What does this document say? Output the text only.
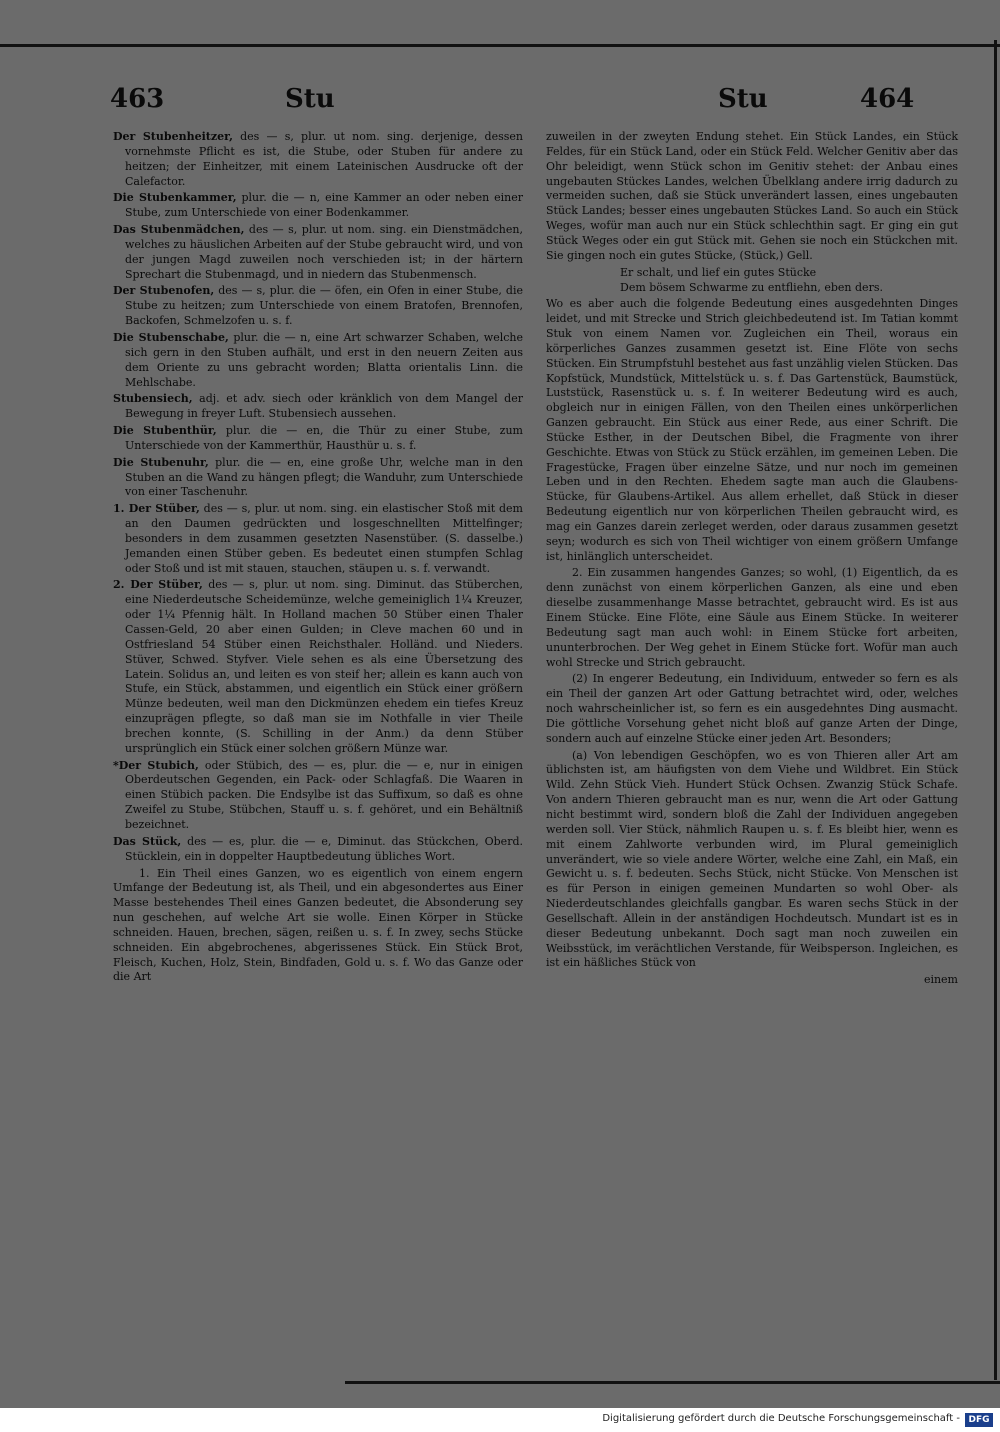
463	Stu	Stu	464

Der Stubenheitzer, des — s, plur. ut nom. sing. derjenige, dessen vornehmste Pflicht es ist, die Stube, oder Stuben für andere zu heitzen; der Einheitzer, mit einem Lateinischen Ausdrucke oft der Calefactor.

Die Stubenkammer, plur. die — n, eine Kammer an oder neben einer Stube, zum Unterschiede von einer Bodenkammer.

Das Stubenmädchen, des — s, plur. ut nom. sing. ein Dienstmädchen, welches zu häuslichen Arbeiten auf der Stube gebraucht wird, und von der jungen Magd zuweilen noch verschieden ist; in der härtern Sprechart die Stubenmagd, und in niedern das Stubenmensch.

Der Stubenofen, des — s, plur. die — öfen, ein Ofen in einer Stube, die Stube zu heitzen; zum Unterschiede von einem Bratofen, Brennofen, Backofen, Schmelzofen u. s. f.

Die Stubenschabe, plur. die — n, eine Art schwarzer Schaben, welche sich gern in den Stuben aufhält, und erst in den neuern Zeiten aus dem Oriente zu uns gebracht worden; Blatta orientalis Linn. die Mehlschabe.

Stubensiech, adj. et adv. siech oder kränklich von dem Mangel der Bewegung in freyer Luft. Stubensiech aussehen.

Die Stubenthür, plur. die — en, die Thür zu einer Stube, zum Unterschiede von der Kammerthür, Hausthür u. s. f.

Die Stubenuhr, plur. die — en, eine große Uhr, welche man in den Stuben an die Wand zu hängen pflegt; die Wanduhr, zum Unterschiede von einer Taschenuhr.

1. Der Stüber, des — s, plur. ut nom. sing. ein elastischer Stoß mit dem an den Daumen gedrückten und losgeschnellten Mittelfinger; besonders in dem zusammen gesetzten Nasenstüber. (S. dasselbe.) Jemanden einen Stüber geben. Es bedeutet einen stumpfen Schlag oder Stoß und ist mit stauen, stauchen, stäupen u. s. f. verwandt.

2. Der Stüber, des — s, plur. ut nom. sing. Diminut. das Stüberchen, eine Niederdeutsche Scheidemünze, welche gemeiniglich 1¼ Kreuzer, oder 1¼ Pfennig hält. In Holland machen 50 Stüber einen Thaler Cassen-Geld, 20 aber einen Gulden; in Cleve machen 60 und in Ostfriesland 54 Stüber einen Reichsthaler. Holländ. und Nieders. Stüver, Schwed. Styfver. Viele sehen es als eine Übersetzung des Latein. Solidus an, und leiten es von steif her; allein es kann auch von Stufe, ein Stück, abstammen, und eigentlich ein Stück einer größern Münze bedeuten, weil man den Dickmünzen ehedem ein tiefes Kreuz einzuprägen pflegte, so daß man sie im Nothfalle in vier Theile brechen konnte, (S. Schilling in der Anm.) da denn Stüber ursprünglich ein Stück einer solchen größern Münze war.

*Der Stubich, oder Stübich, des — es, plur. die — e, nur in einigen Oberdeutschen Gegenden, ein Pack- oder Schlagfaß. Die Waaren in einen Stübich packen. Die Endsylbe ist das Suffixum, so daß es ohne Zweifel zu Stube, Stübchen, Stauff u. s. f. gehöret, und ein Behältniß bezeichnet.

Das Stück, des — es, plur. die — e, Diminut. das Stückchen, Oberd. Stücklein, ein in doppelter Hauptbedeutung übliches Wort.

1. Ein Theil eines Ganzen, wo es eigentlich von einem engern Umfange der Bedeutung ist, als Theil, und ein abgesondertes aus Einer Masse bestehendes Theil eines Ganzen bedeutet, die Absonderung sey nun geschehen, auf welche Art sie wolle. Einen Körper in Stücke schneiden. Hauen, brechen, sägen, reißen u. s. f. In zwey, sechs Stücke schneiden. Ein abgebrochenes, abgerissenes Stück. Ein Stück Brot, Fleisch, Kuchen, Holz, Stein, Bindfaden, Gold u. s. f. Wo das Ganze oder die Art

zuweilen in der zweyten Endung stehet. Ein Stück Landes, ein Stück Feldes, für ein Stück Land, oder ein Stück Feld. Welcher Genitiv aber das Ohr beleidigt, wenn Stück schon im Genitiv stehet: der Anbau eines ungebauten Stückes Landes, welchen Übelklang andere irrig dadurch zu vermeiden suchen, daß sie Stück unverändert lassen, eines ungebauten Stück Landes; besser eines ungebauten Stückes Land. So auch ein Stück Weges, wofür man auch nur ein Stück schlechthin sagt. Er ging ein gut Stück Weges oder ein gut Stück mit. Gehen sie noch ein Stückchen mit. Sie gingen noch ein gutes Stücke, (Stück,) Gell.

Er schalt, und lief ein gutes Stücke

Dem bösem Schwarme zu entfliehn, eben ders.

Wo es aber auch die folgende Bedeutung eines ausgedehnten Dinges leidet, und mit Strecke und Strich gleichbedeutend ist. Im Tatian kommt Stuk von einem Namen vor. Zugleichen ein Theil, woraus ein körperliches Ganzes zusammen gesetzt ist. Eine Flöte von sechs Stücken. Ein Strumpfstuhl bestehet aus fast unzählig vielen Stücken. Das Kopfstück, Mundstück, Mittelstück u. s. f. Das Gartenstück, Baumstück, Luststück, Rasenstück u. s. f. In weiterer Bedeutung wird es auch, obgleich nur in einigen Fällen, von den Theilen eines unkörperlichen Ganzen gebraucht. Ein Stück aus einer Rede, aus einer Schrift. Die Stücke Esther, in der Deutschen Bibel, die Fragmente von ihrer Geschichte. Etwas von Stück zu Stück erzählen, im gemeinen Leben. Die Fragestücke, Fragen über einzelne Sätze, und nur noch im gemeinen Leben und in den Rechten. Ehedem sagte man auch die Glaubens-Stücke, für Glaubens-Artikel. Aus allem erhellet, daß Stück in dieser Bedeutung eigentlich nur von körperlichen Theilen gebraucht wird, es mag ein Ganzes darein zerleget werden, oder daraus zusammen gesetzt seyn; wodurch es sich von Theil wichtiger von einem größern Umfange ist, hinlänglich unterscheidet.

2. Ein zusammen hangendes Ganzes; so wohl, (1) Eigentlich, da es denn zunächst von einem körperlichen Ganzen, als eine und eben dieselbe zusammenhange Masse betrachtet, gebraucht wird. Es ist aus Einem Stücke. Eine Flöte, eine Säule aus Einem Stücke. In weiterer Bedeutung sagt man auch wohl: in Einem Stücke fort arbeiten, ununterbrochen. Der Weg gehet in Einem Stücke fort. Wofür man auch wohl Strecke und Strich gebraucht.

(2) In engerer Bedeutung, ein Individuum, entweder so fern es als ein Theil der ganzen Art oder Gattung betrachtet wird, oder, welches noch wahrscheinlicher ist, so fern es ein ausgedehntes Ding ausmacht. Die göttliche Vorsehung gehet nicht bloß auf ganze Arten der Dinge, sondern auch auf einzelne Stücke einer jeden Art. Besonders;

(a) Von lebendigen Geschöpfen, wo es von Thieren aller Art am üblichsten ist, am häufigsten von dem Viehe und Wildbret. Ein Stück Wild. Zehn Stück Vieh. Hundert Stück Ochsen. Zwanzig Stück Schafe. Von andern Thieren gebraucht man es nur, wenn die Art oder Gattung nicht bestimmt wird, sondern bloß die Zahl der Individuen angegeben werden soll. Vier Stück, nähmlich Raupen u. s. f. Es bleibt hier, wenn es mit einem Zahlworte verbunden wird, im Plural gemeiniglich unverändert, wie so viele andere Wörter, welche eine Zahl, ein Maß, ein Gewicht u. s. f. bedeuten. Sechs Stück, nicht Stücke. Von Menschen ist es für Person in einigen gemeinen Mundarten so wohl Ober- als Niederdeutschlandes gleichfalls gangbar. Es waren sechs Stück in der Gesellschaft. Allein in der anständigen Hochdeutsch. Mundart ist es in dieser Bedeutung unbekannt. Doch sagt man noch zuweilen ein Weibsstück, im verächtlichen Verstande, für Weibsperson. Ingleichen, es ist ein häßliches Stück von

einem

Digitalisierung gefördert durch die Deutsche Forschungsgemeinschaft - DFG
